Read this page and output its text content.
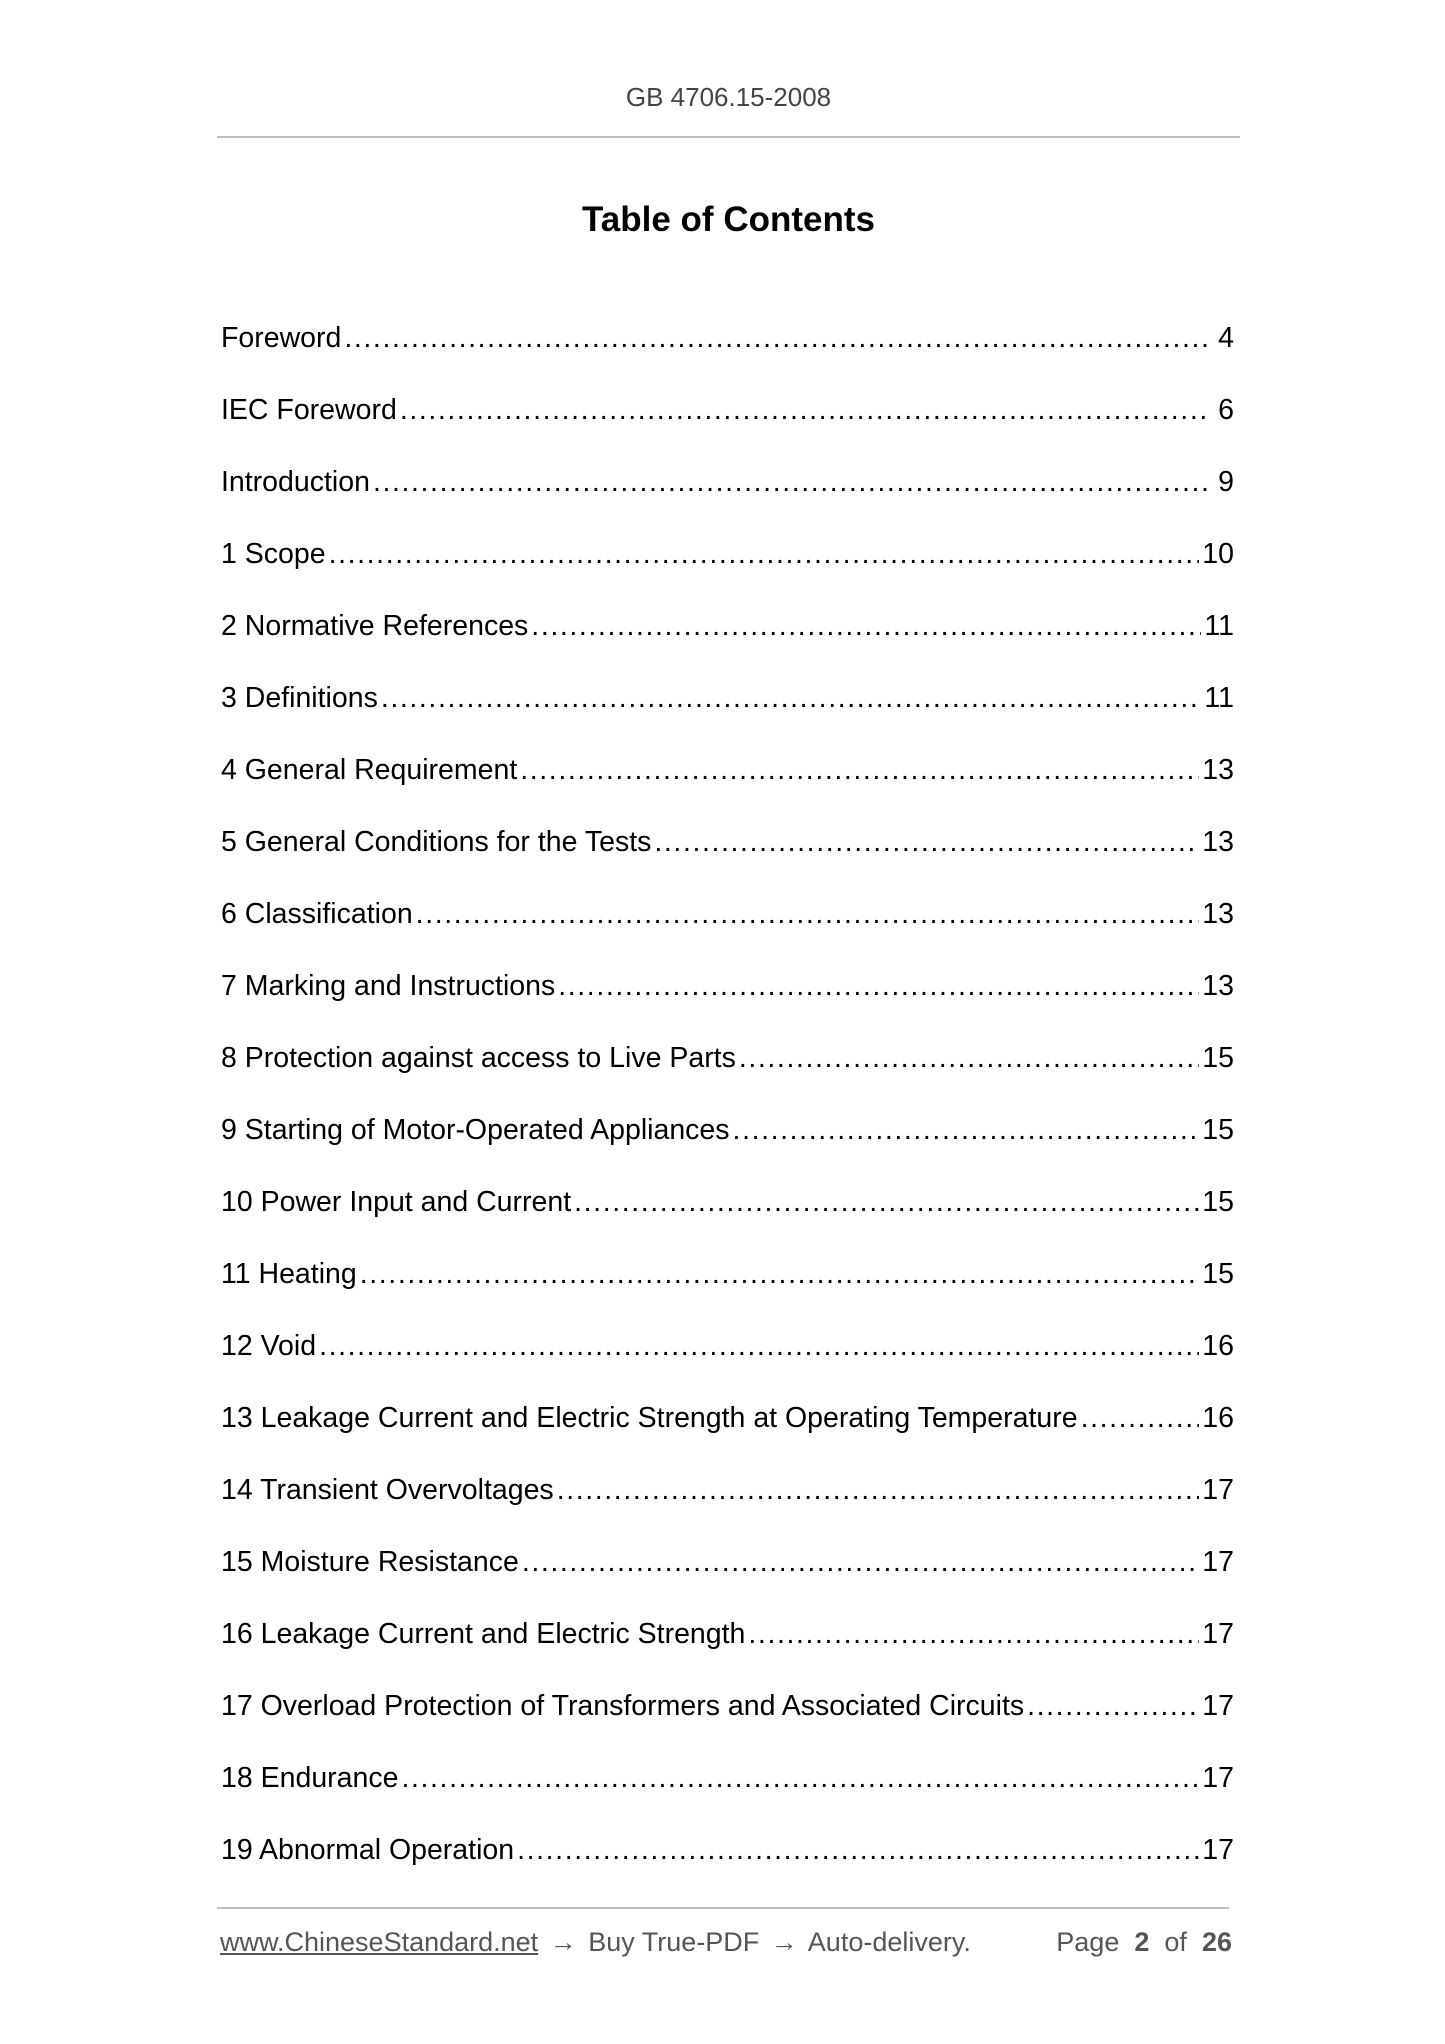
GB 4706.15-2008
Table of Contents
Foreword .....	4
IEC Foreword .....	6
Introduction .....	9
1 Scope .....	10
2 Normative References .....	11
3 Definitions .....	11
4 General Requirement .....	13
5 General Conditions for the Tests .....	13
6 Classification .....	13
7 Marking and Instructions .....	13
8 Protection against access to Live Parts .....	15
9 Starting of Motor-Operated Appliances .....	15
10 Power Input and Current .....	15
11 Heating .....	15
12 Void .....	16
13 Leakage Current and Electric Strength at Operating Temperature .....	16
14 Transient Overvoltages .....	17
15 Moisture Resistance .....	17
16 Leakage Current and Electric Strength .....	17
17 Overload Protection of Transformers and Associated Circuits .....	17
18 Endurance .....	17
19 Abnormal Operation .....	17
www.ChineseStandard.net → Buy True-PDF → Auto-delivery.	Page 2 of 26
